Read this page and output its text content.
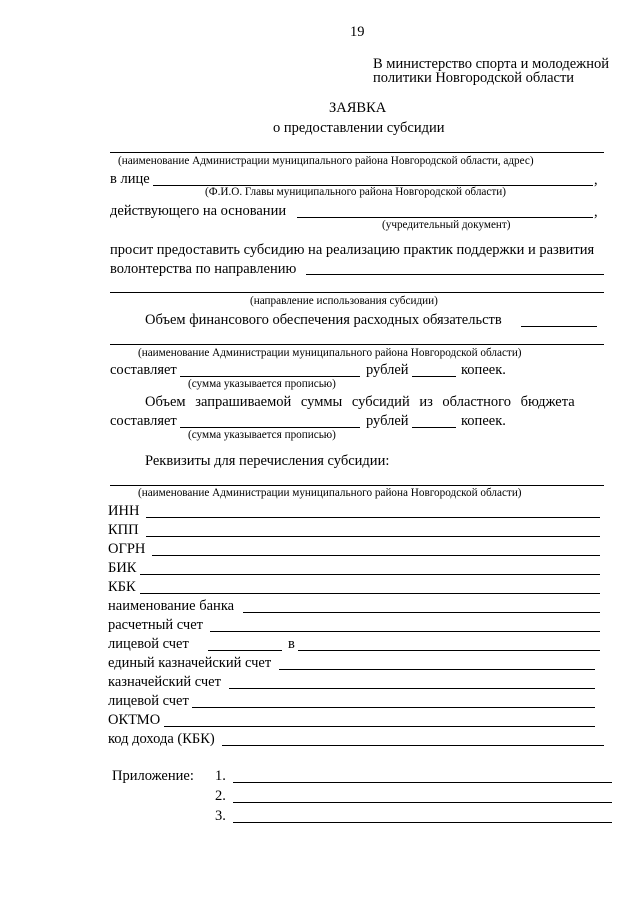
19
В министерство спорта и молодежной
политики Новгородской области
ЗАЯВКА
о предоставлении субсидии
(наименование Администрации муниципального района Новгородской области, адрес)
в лице	,
(Ф.И.О. Главы муниципального района Новгородской области)
действующего на основании	,
(учредительный документ)
просит предоставить субсидию на реализацию практик поддержки и развития
волонтерства по направлению
(направление использования субсидии)
Объем финансового обеспечения расходных обязательств
(наименование Администрации муниципального района Новгородской области)
составляет	рублей	копеек.
(сумма указывается прописью)
Объем запрашиваемой суммы субсидий из областного бюджета
составляет	рублей	копеек.
(сумма указывается прописью)
Реквизиты для перечисления субсидии:
(наименование Администрации муниципального района Новгородской области)
ИНН
КПП
ОГРН
БИК
КБК
наименование банка
расчетный счет
лицевой счет	в
единый казначейский счет
казначейский счет
лицевой счет
ОКТМО
код дохода (КБК)
Приложение: 1.
2.
3.
